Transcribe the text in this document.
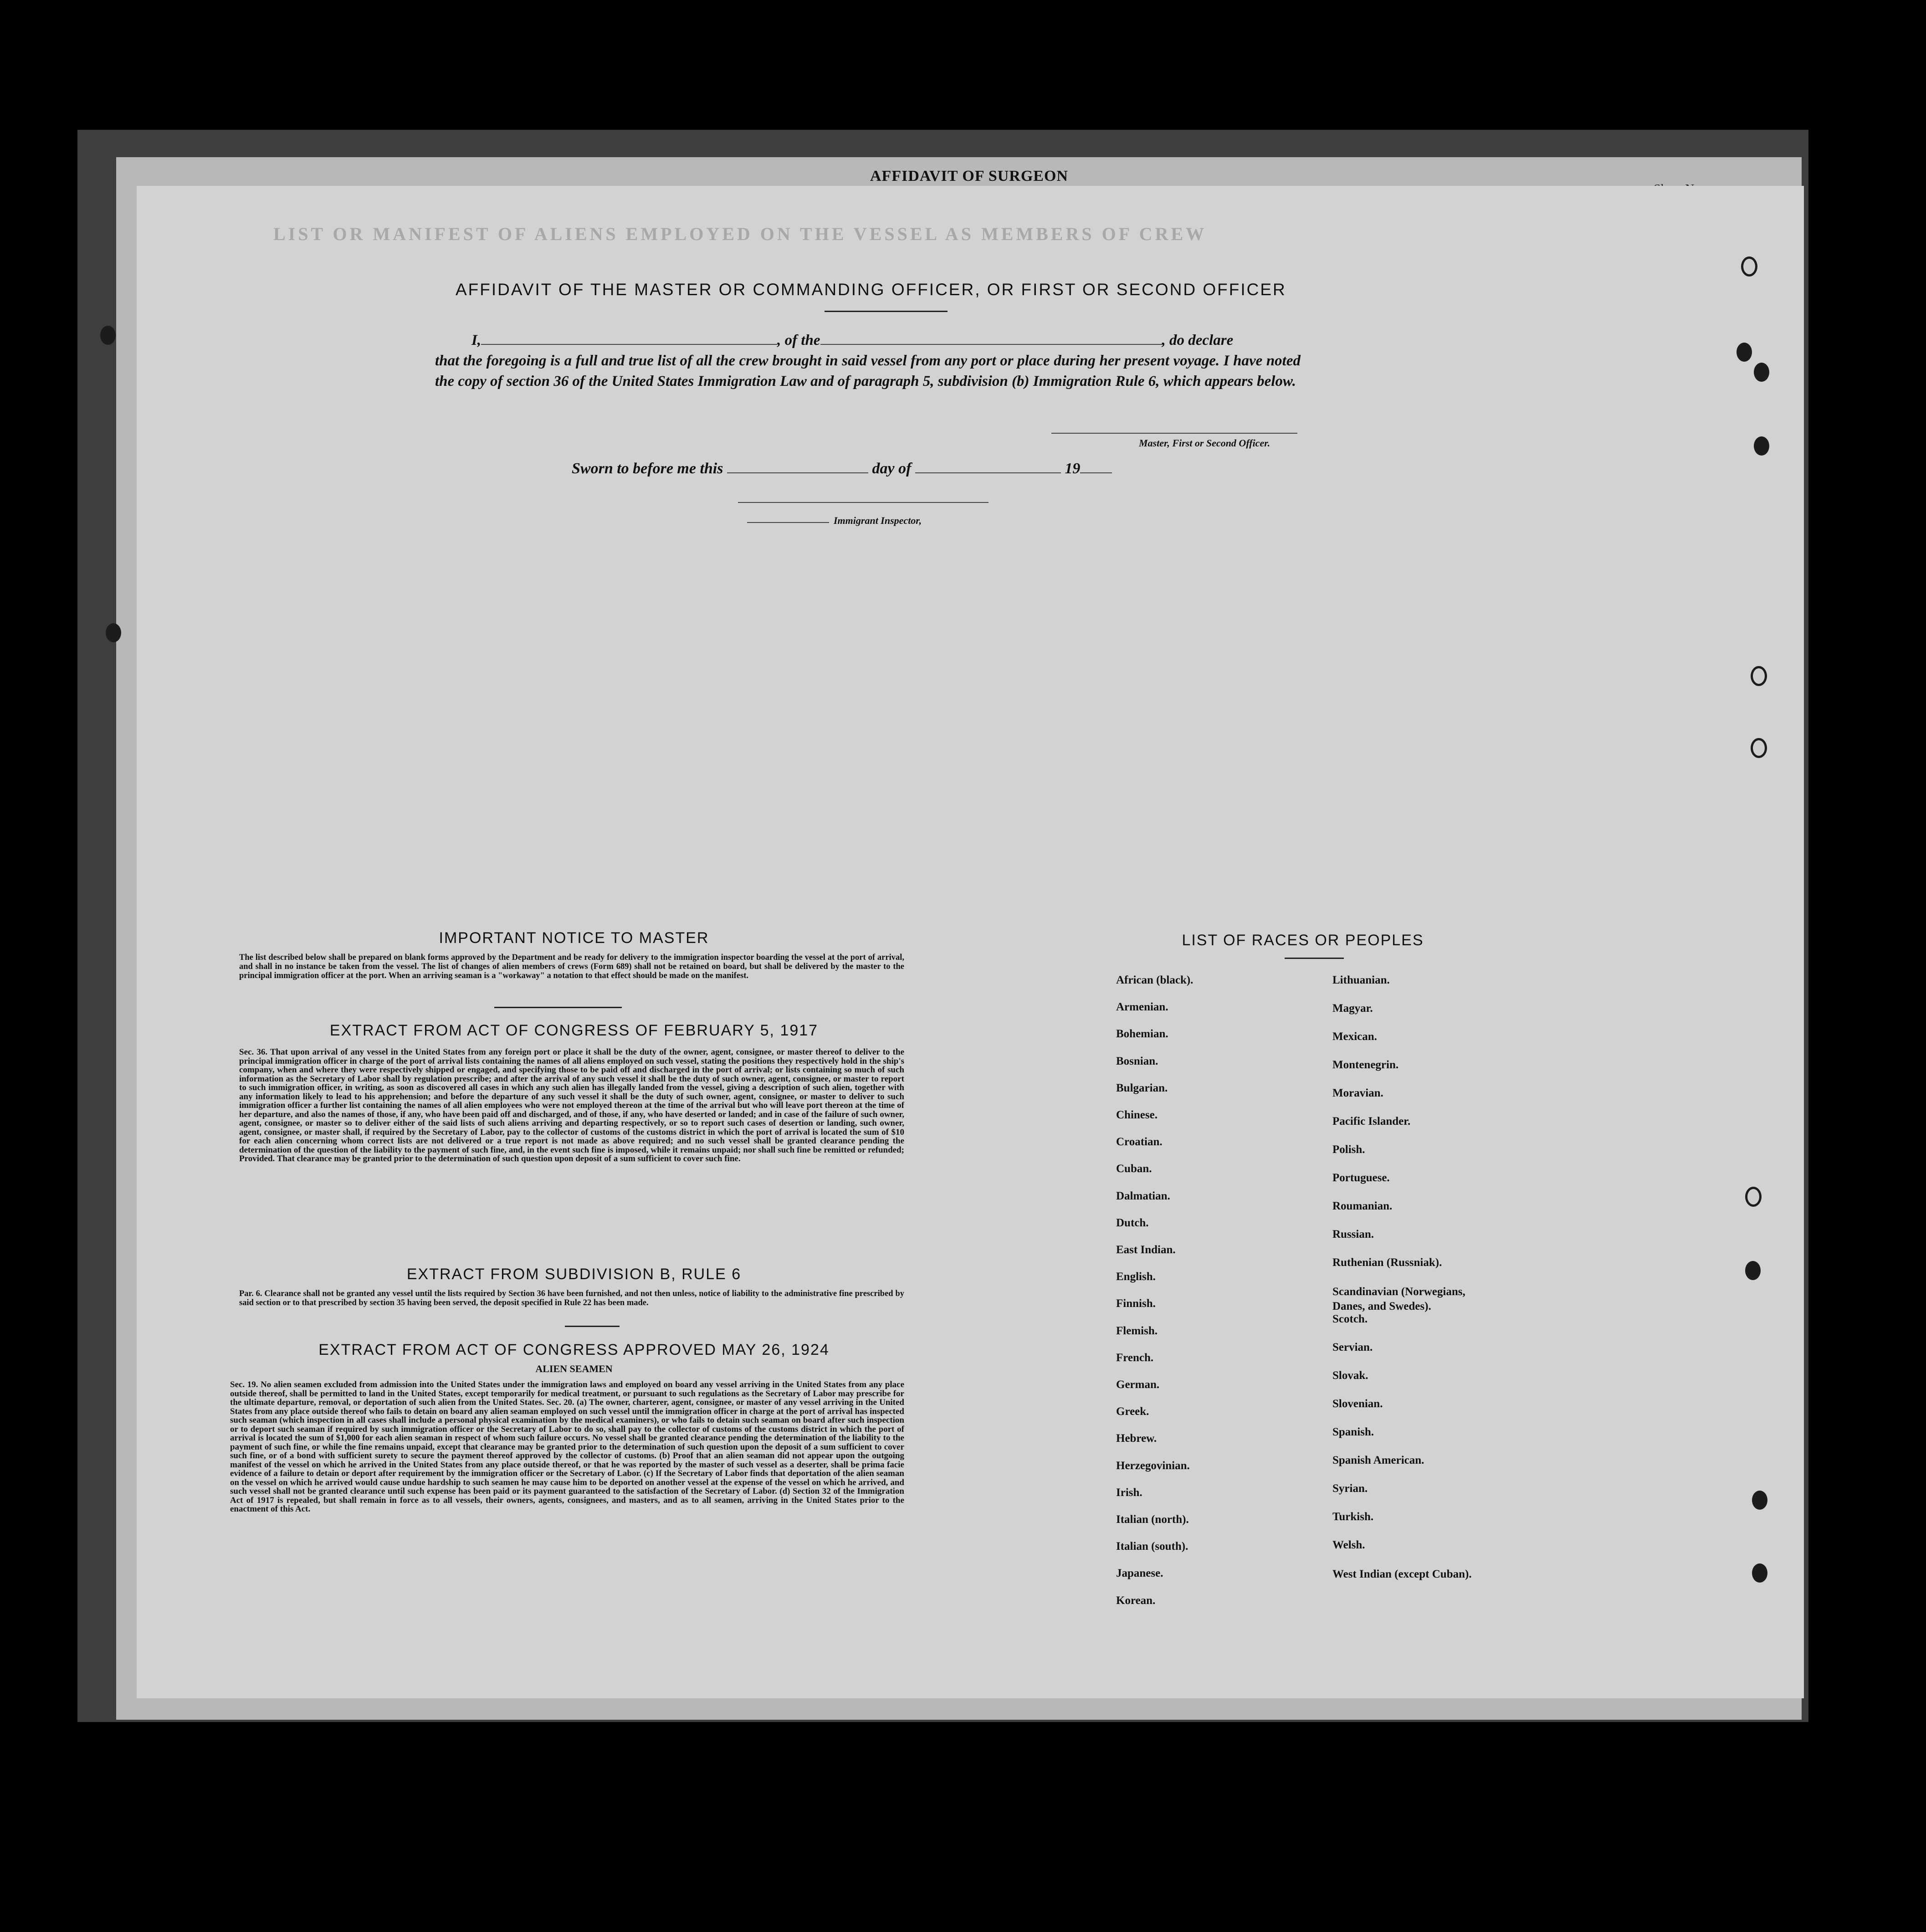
AFFIDAVIT OF SURGEON
LIST OR MANIFEST OF ALIENS EMPLOYED ON THE VESSEL AS MEMBERS OF CREW
AFFIDAVIT OF THE MASTER OR COMMANDING OFFICER, OR FIRST OR SECOND OFFICER
I,	, of the	, do declare
that the foregoing is a full and true list of all the crew brought in said vessel from any port or place during her present voyage. I have noted the copy of section 36 of the United States Immigration Law and of paragraph 5, subdivision (b) Immigration Rule 6, which appears below.
Master, First or Second Officer.
Sworn to before me this	day of	19
Immigrant Inspector,
IMPORTANT NOTICE TO MASTER
The list described below shall be prepared on blank forms approved by the Department and be ready for delivery to the immigration inspector boarding the vessel at the port of arrival, and shall in no instance be taken from the vessel. The list of changes of alien members of crews (Form 689) shall not be retained on board, but shall be delivered by the master to the principal immigration officer at the port. When an arriving seaman is a "workaway" a notation to that effect should be made on the manifest.
EXTRACT FROM ACT OF CONGRESS OF FEBRUARY 5, 1917
Sec. 36. That upon arrival of any vessel in the United States from any foreign port or place it shall be the duty of the owner, agent, consignee, or master thereof to deliver to the principal immigration officer in charge of the port of arrival lists containing the names of all aliens employed on such vessel, stating the positions they respectively hold in the ship's company, when and where they were respectively shipped or engaged, and specifying those to be paid off and discharged in the port of arrival; or lists containing so much of such information as the Secretary of Labor shall by regulation prescribe; and after the arrival of any such vessel it shall be the duty of such owner, agent, consignee, or master to report to such immigration officer, in writing, as soon as discovered all cases in which any such alien has illegally landed from the vessel, giving a description of such alien, together with any information likely to lead to his apprehension; and before the departure of any such vessel it shall be the duty of such owner, agent, consignee, or master to deliver to such immigration officer a further list containing the names of all alien employees who were not employed thereon at the time of the arrival but who will leave port thereon at the time of her departure, and also the names of those, if any, who have been paid off and discharged, and of those, if any, who have deserted or landed; and in case of the failure of such owner, agent, consignee, or master so to deliver either of the said lists of such aliens arriving and departing respectively, or so to report such cases of desertion or landing, such owner, agent, consignee, or master shall, if required by the Secretary of Labor, pay to the collector of customs of the customs district in which the port of arrival is located the sum of $10 for each alien concerning whom correct lists are not delivered or a true report is not made as above required; and no such vessel shall be granted clearance pending the determination of the question of the liability to the payment of such fine, and, in the event such fine is imposed, while it remains unpaid; nor shall such fine be remitted or refunded; Provided. That clearance may be granted prior to the determination of such question upon deposit of a sum sufficient to cover such fine.
EXTRACT FROM SUBDIVISION B, RULE 6
Par. 6. Clearance shall not be granted any vessel until the lists required by Section 36 have been furnished, and not then unless, notice of liability to the administrative fine prescribed by said section or to that prescribed by section 35 having been served, the deposit specified in Rule 22 has been made.
EXTRACT FROM ACT OF CONGRESS APPROVED MAY 26, 1924
ALIEN SEAMEN
Sec. 19. No alien seamen excluded from admission into the United States under the immigration laws and employed on board any vessel arriving in the United States from any place outside thereof, shall be permitted to land in the United States, except temporarily for medical treatment, or pursuant to such regulations as the Secretary of Labor may prescribe for the ultimate departure, removal, or deportation of such alien from the United States. Sec. 20. (a) The owner, charterer, agent, consignee, or master of any vessel arriving in the United States from any place outside thereof who fails to detain on board any alien seaman employed on such vessel until the immigration officer in charge at the port of arrival has inspected such seaman (which inspection in all cases shall include a personal physical examination by the medical examiners), or who fails to detain such seaman on board after such inspection or to deport such seaman if required by such immigration officer or the Secretary of Labor to do so, shall pay to the collector of customs of the customs district in which the port of arrival is located the sum of $1,000 for each alien seaman in respect of whom such failure occurs. No vessel shall be granted clearance pending the determination of the liability to the payment of such fine, or while the fine remains unpaid, except that clearance may be granted prior to the determination of such question upon the deposit of a sum sufficient to cover such fine, or of a bond with sufficient surety to secure the payment thereof approved by the collector of customs. (b) Proof that an alien seaman did not appear upon the outgoing manifest of the vessel on which he arrived in the United States from any place outside thereof, or that he was reported by the master of such vessel as a deserter, shall be prima facie evidence of a failure to detain or deport after requirement by the immigration officer or the Secretary of Labor. (c) If the Secretary of Labor finds that deportation of the alien seaman on the vessel on which he arrived would cause undue hardship to such seamen he may cause him to be deported on another vessel at the expense of the vessel on which he arrived, and such vessel shall not be granted clearance until such expense has been paid or its payment guaranteed to the satisfaction of the Secretary of Labor. (d) Section 32 of the Immigration Act of 1917 is repealed, but shall remain in force as to all vessels, their owners, agents, consignees, and masters, and as to all seamen, arriving in the United States prior to the enactment of this Act.
LIST OF RACES OR PEOPLES
African (black).
Armenian.
Bohemian.
Bosnian.
Bulgarian.
Chinese.
Croatian.
Cuban.
Dalmatian.
Dutch.
East Indian.
English.
Finnish.
Flemish.
French.
German.
Greek.
Hebrew.
Herzegovinian.
Irish.
Italian (north).
Italian (south).
Japanese.
Korean.
Lithuanian.
Magyar.
Mexican.
Montenegrin.
Moravian.
Pacific Islander.
Polish.
Portuguese.
Roumanian.
Russian.
Ruthenian (Russniak).
Scandinavian (Norwegians, Danes, and Swedes).
Scotch.
Servian.
Slovak.
Slovenian.
Spanish.
Spanish American.
Syrian.
Turkish.
Welsh.
West Indian (except Cuban).
